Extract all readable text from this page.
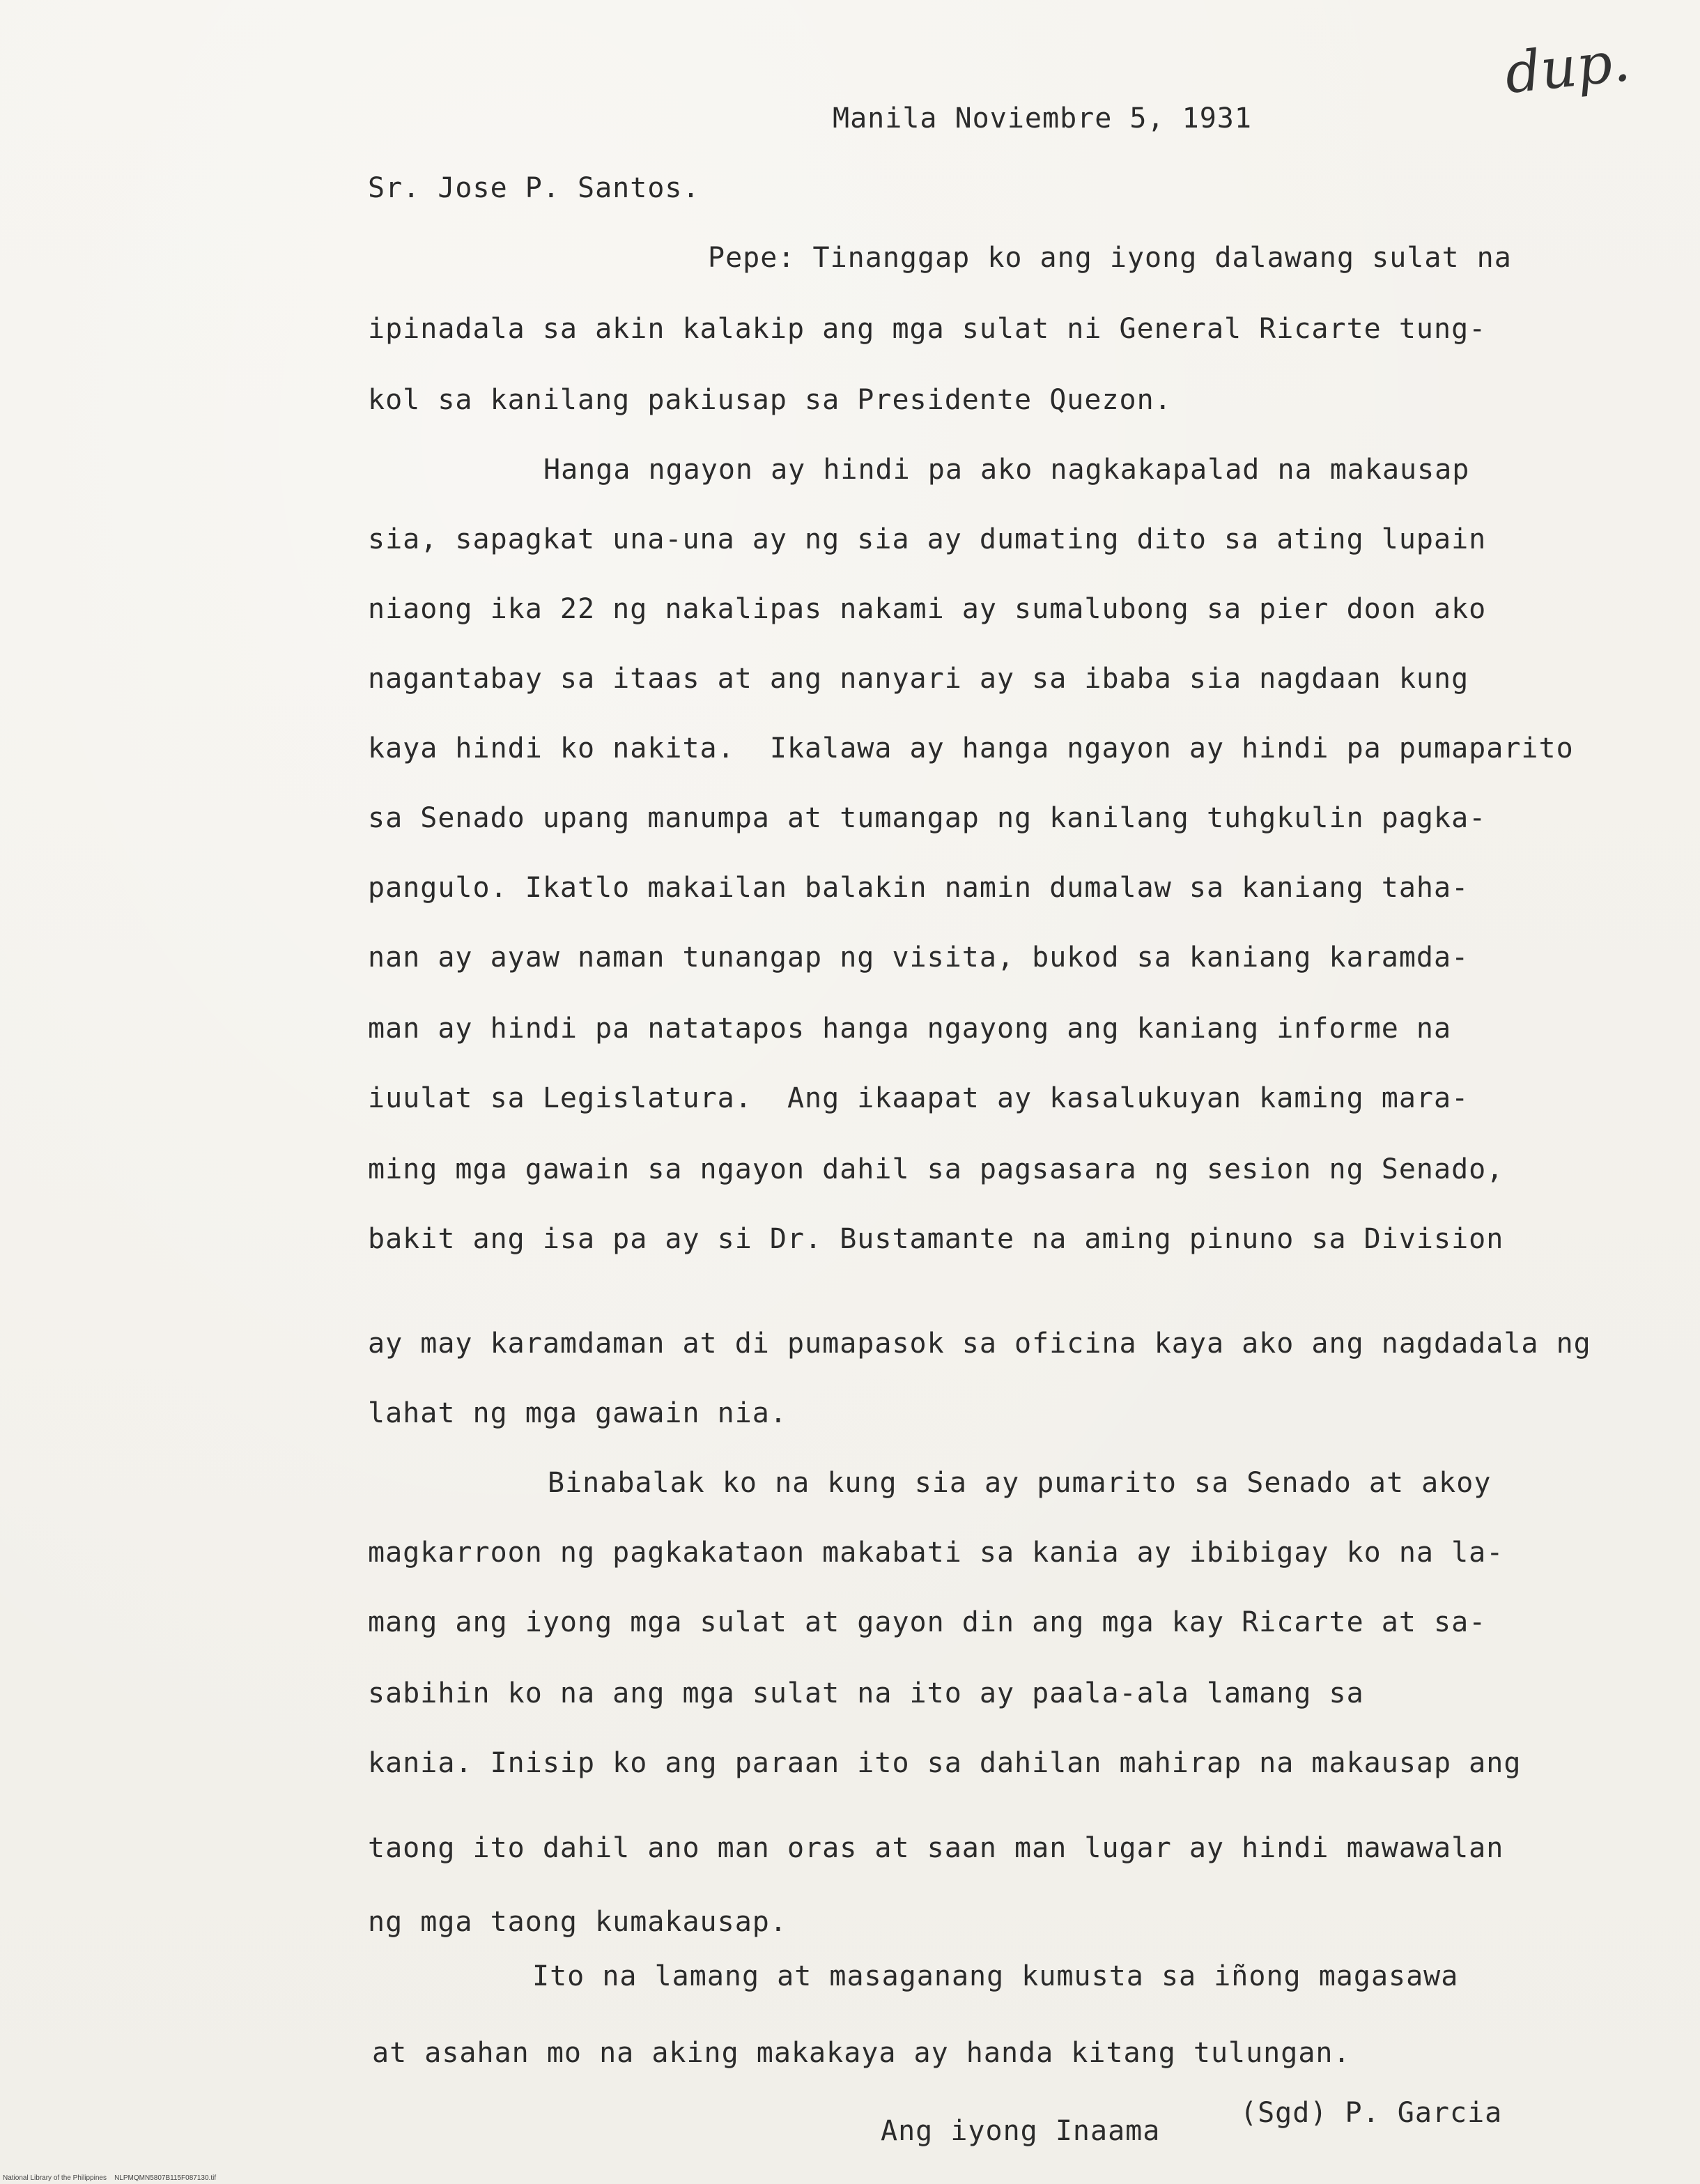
dup.
Manila Noviembre 5, 1931
Sr. Jose P. Santos.
Pepe: Tinanggap ko ang iyong dalawang sulat na
ipinadala sa akin kalakip ang mga sulat ni General Ricarte tung-
kol sa kanilang pakiusap sa Presidente Quezon.
Hanga ngayon ay hindi pa ako nagkakapalad na makausap
sia, sapagkat una-una ay ng sia ay dumating dito sa ating lupain
niaong ika 22 ng nakalipas nakami ay sumalubong sa pier doon ako
nagantabay sa itaas at ang nanyari ay sa ibaba sia nagdaan kung
kaya hindi ko nakita.  Ikalawa ay hanga ngayon ay hindi pa pumaparito
sa Senado upang manumpa at tumangap ng kanilang tuhgkulin pagka-
pangulo. Ikatlo makailan balakin namin dumalaw sa kaniang taha-
nan ay ayaw naman tunangap ng visita, bukod sa kaniang karamda-
man ay hindi pa natatapos hanga ngayong ang kaniang informe na
iuulat sa Legislatura.  Ang ikaapat ay kasalukuyan kaming mara-
ming mga gawain sa ngayon dahil sa pagsasara ng sesion ng Senado,
bakit ang isa pa ay si Dr. Bustamante na aming pinuno sa Division
ay may karamdaman at di pumapasok sa oficina kaya ako ang nagdadala ng
lahat ng mga gawain nia.
Binabalak ko na kung sia ay pumarito sa Senado at akoy
magkarroon ng pagkakataon makabati sa kania ay ibibigay ko na la-
mang ang iyong mga sulat at gayon din ang mga kay Ricarte at sa-
sabihin ko na ang mga sulat na ito ay paala-ala lamang sa
kania. Inisip ko ang paraan ito sa dahilan mahirap na makausap ang
taong ito dahil ano man oras at saan man lugar ay hindi mawawalan
ng mga taong kumakausap.
Ito na lamang at masaganang kumusta sa iñong magasawa
at asahan mo na aking makakaya ay handa kitang tulungan.
Ang iyong Inaama
(Sgd) P. Garcia
National Library of the Philippines    NLPMQMN5807B115F087130.tif
